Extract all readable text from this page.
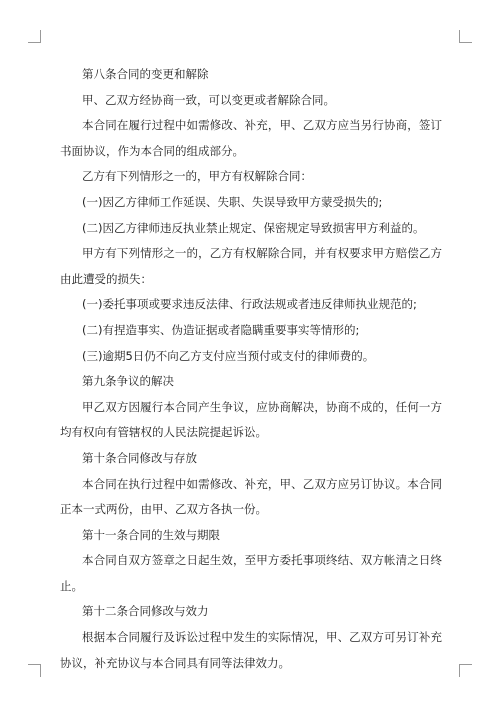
第八条合同的变更和解除

甲、乙双方经协商一致，可以变更或者解除合同。

本合同在履行过程中如需修改、补充，甲、乙双方应当另行协商，签订书面协议，作为本合同的组成部分。

乙方有下列情形之一的，甲方有权解除合同：

(一)因乙方律师工作延误、失职、失误导致甲方蒙受损失的;

(二)因乙方律师违反执业禁止规定、保密规定导致损害甲方利益的。

甲方有下列情形之一的，乙方有权解除合同，并有权要求甲方赔偿乙方由此遭受的损失：

(一)委托事项或要求违反法律、行政法规或者违反律师执业规范的;

(二)有捏造事实、伪造证据或者隐瞒重要事实等情形的;

(三)逾期5日仍不向乙方支付应当预付或支付的律师费的。

第九条争议的解决

甲乙双方因履行本合同产生争议，应协商解决，协商不成的，任何一方均有权向有管辖权的人民法院提起诉讼。

第十条合同修改与存放

本合同在执行过程中如需修改、补充，甲、乙双方应另订协议。本合同正本一式两份，由甲、乙双方各执一份。

第十一条合同的生效与期限

本合同自双方签章之日起生效，至甲方委托事项终结、双方帐清之日终止。

第十二条合同修改与效力

根据本合同履行及诉讼过程中发生的实际情况，甲、乙双方可另订补充协议，补充协议与本合同具有同等法律效力。
